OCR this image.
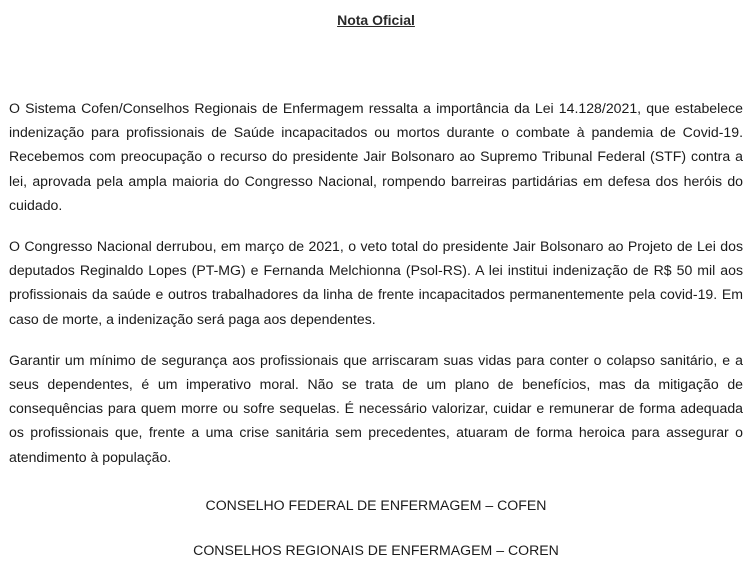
Nota Oficial

O Sistema Cofen/Conselhos Regionais de Enfermagem ressalta a importância da Lei 14.128/2021, que estabelece indenização para profissionais de Saúde incapacitados ou mortos durante o combate à pandemia de Covid-19. Recebemos com preocupação o recurso do presidente Jair Bolsonaro ao Supremo Tribunal Federal (STF) contra a lei, aprovada pela ampla maioria do Congresso Nacional, rompendo barreiras partidárias em defesa dos heróis do cuidado.

O Congresso Nacional derrubou, em março de 2021, o veto total do presidente Jair Bolsonaro ao Projeto de Lei dos deputados Reginaldo Lopes (PT-MG) e Fernanda Melchionna (Psol-RS). A lei institui indenização de R$ 50 mil aos profissionais da saúde e outros trabalhadores da linha de frente incapacitados permanentemente pela covid-19. Em caso de morte, a indenização será paga aos dependentes.

Garantir um mínimo de segurança aos profissionais que arriscaram suas vidas para conter o colapso sanitário, e a seus dependentes, é um imperativo moral. Não se trata de um plano de benefícios, mas da mitigação de consequências para quem morre ou sofre sequelas. É necessário valorizar, cuidar e remunerar de forma adequada os profissionais que, frente a uma crise sanitária sem precedentes, atuaram de forma heroica para assegurar o atendimento à população.

CONSELHO FEDERAL DE ENFERMAGEM – COFEN

CONSELHOS REGIONAIS DE ENFERMAGEM – COREN
